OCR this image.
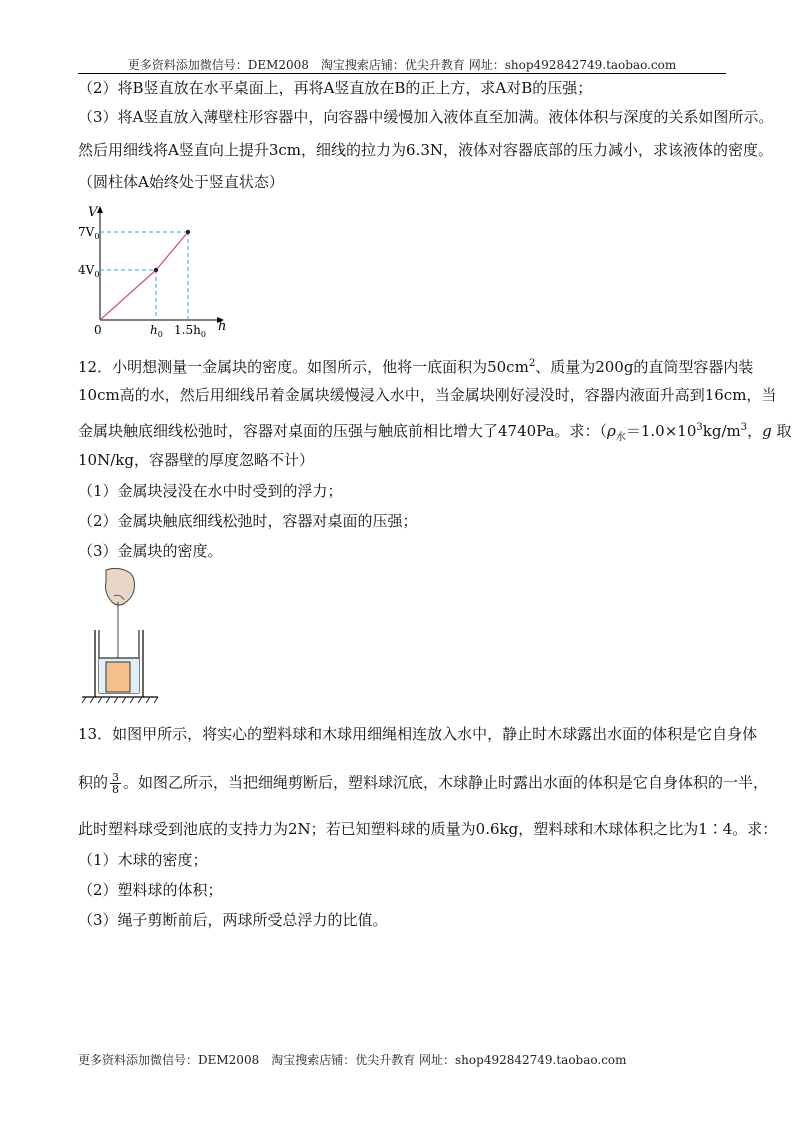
更多资料添加微信号：DEM2008　淘宝搜索店铺：优尖升教育 网址：shop492842749.taobao.com
（2）将B竖直放在水平桌面上，再将A竖直放在B的正上方，求A对B的压强；
（3）将A竖直放入薄壁柱形容器中，向容器中缓慢加入液体直至加满。液体体积与深度的关系如图所示。
然后用细线将A竖直向上提升3cm，细线的拉力为6.3N，液体对容器底部的压力减小，求该液体的密度。
（圆柱体A始终处于竖直状态）
V
h
0
$7V_0$
$4V_0$
$h_0$ $1.5h_0$
12．小明想测量一金属块的密度。如图所示，他将一底面积为$50cm^2$、质量为200g的直筒型容器内装
10cm高的水，然后用细线吊着金属块缓慢浸入水中，当金属块刚好浸没时，容器内液面升高到16cm，当
金属块触底细线松弛时，容器对桌面的压强与触底前相比增大了4740Pa。求：（$\rho_水=1.0\times 10^3kg/m^3$，g 取
10N/kg，容器壁的厚度忽略不计）
（1）金属块浸没在水中时受到的浮力；
（2）金属块触底细线松弛时，容器对桌面的压强；
（3）金属块的密度。
13．如图甲所示，将实心的塑料球和木球用细绳相连放入水中，静止时木球露出水面的体积是它自身体
积的 $\frac{3}{8}$ 。如图乙所示，当把细绳剪断后，塑料球沉底，木球静止时露出水面的体积是它自身体积的一半，
此时塑料球受到池底的支持力为2N；若已知塑料球的质量为0.6kg，塑料球和木球体积之比为1∶4。求：
（1）木球的密度；
（2）塑料球的体积；
（3）绳子剪断前后，两球所受总浮力的比值。
更多资料添加微信号：DEM2008　淘宝搜索店铺：优尖升教育 网址：shop492842749.taobao.com
